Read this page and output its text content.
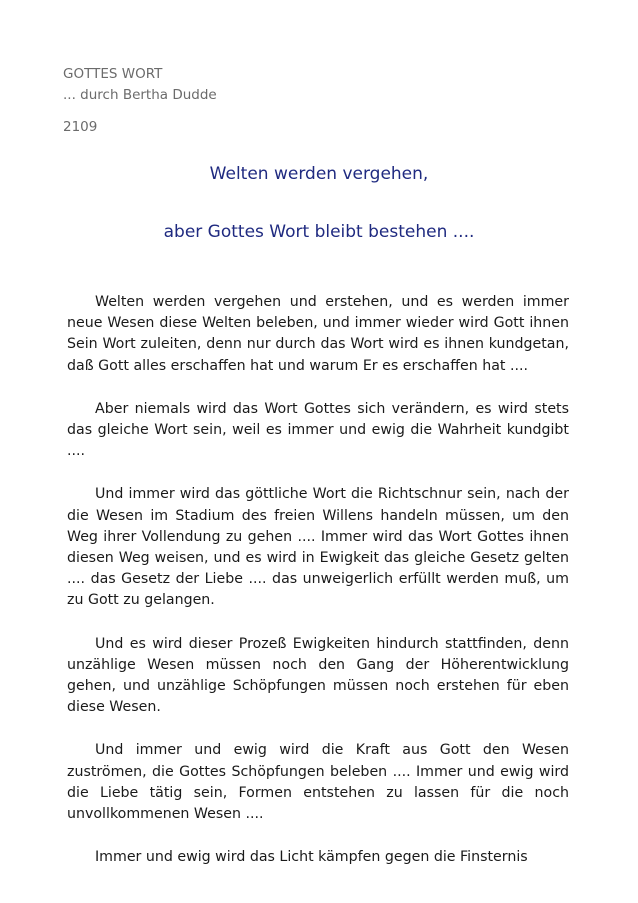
GOTTES WORT
... durch Bertha Dudde
2109
Welten werden vergehen,
aber Gottes Wort bleibt bestehen ....

Welten werden vergehen und erstehen, und es werden immer neue Wesen diese Welten beleben, und immer wieder wird Gott ihnen Sein Wort zuleiten, denn nur durch das Wort wird es ihnen kundgetan, daß Gott alles erschaffen hat und warum Er es erschaffen hat ....

Aber niemals wird das Wort Gottes sich verändern, es wird stets das gleiche Wort sein, weil es immer und ewig die Wahrheit kundgibt ....

Und immer wird das göttliche Wort die Richtschnur sein, nach der die Wesen im Stadium des freien Willens handeln müssen, um den Weg ihrer Vollendung zu gehen .... Immer wird das Wort Gottes ihnen diesen Weg weisen, und es wird in Ewigkeit das gleiche Gesetz gelten .... das Gesetz der Liebe .... das unweigerlich erfüllt werden muß, um zu Gott zu gelangen.

Und es wird dieser Prozeß Ewigkeiten hindurch stattfinden, denn unzählige Wesen müssen noch den Gang der Höherentwicklung gehen, und unzählige Schöpfungen müssen noch erstehen für eben diese Wesen.

Und immer und ewig wird die Kraft aus Gott den Wesen zuströmen, die Gottes Schöpfungen beleben .... Immer und ewig wird die Liebe tätig sein, Formen entstehen zu lassen für die noch unvollkommenen Wesen ....

Immer und ewig wird das Licht kämpfen gegen die Finsternis
